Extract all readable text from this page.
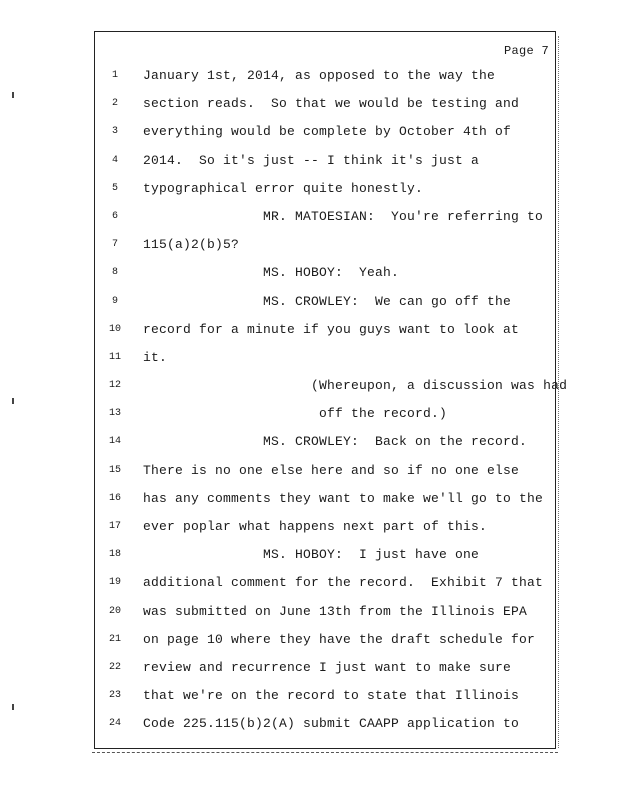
Page 7
1
2
3
4
5
6
7
8
9
10
11
12
13
14
15
16
17
18
19
20
21
22
23
24
January 1st, 2014, as opposed to the way the
section reads.  So that we would be testing and
everything would be complete by October 4th of
2014.  So it's just -- I think it's just a
typographical error quite honestly.
MR. MATOESIAN:  You're referring to
115(a)2(b)5?
MS. HOBOY:  Yeah.
MS. CROWLEY:  We can go off the
record for a minute if you guys want to look at
it.
(Whereupon, a discussion was had
off the record.)
MS. CROWLEY:  Back on the record.
There is no one else here and so if no one else
has any comments they want to make we'll go to the
ever poplar what happens next part of this.
MS. HOBOY:  I just have one
additional comment for the record.  Exhibit 7 that
was submitted on June 13th from the Illinois EPA
on page 10 where they have the draft schedule for
review and recurrence I just want to make sure
that we're on the record to state that Illinois
Code 225.115(b)2(A) submit CAAPP application to
